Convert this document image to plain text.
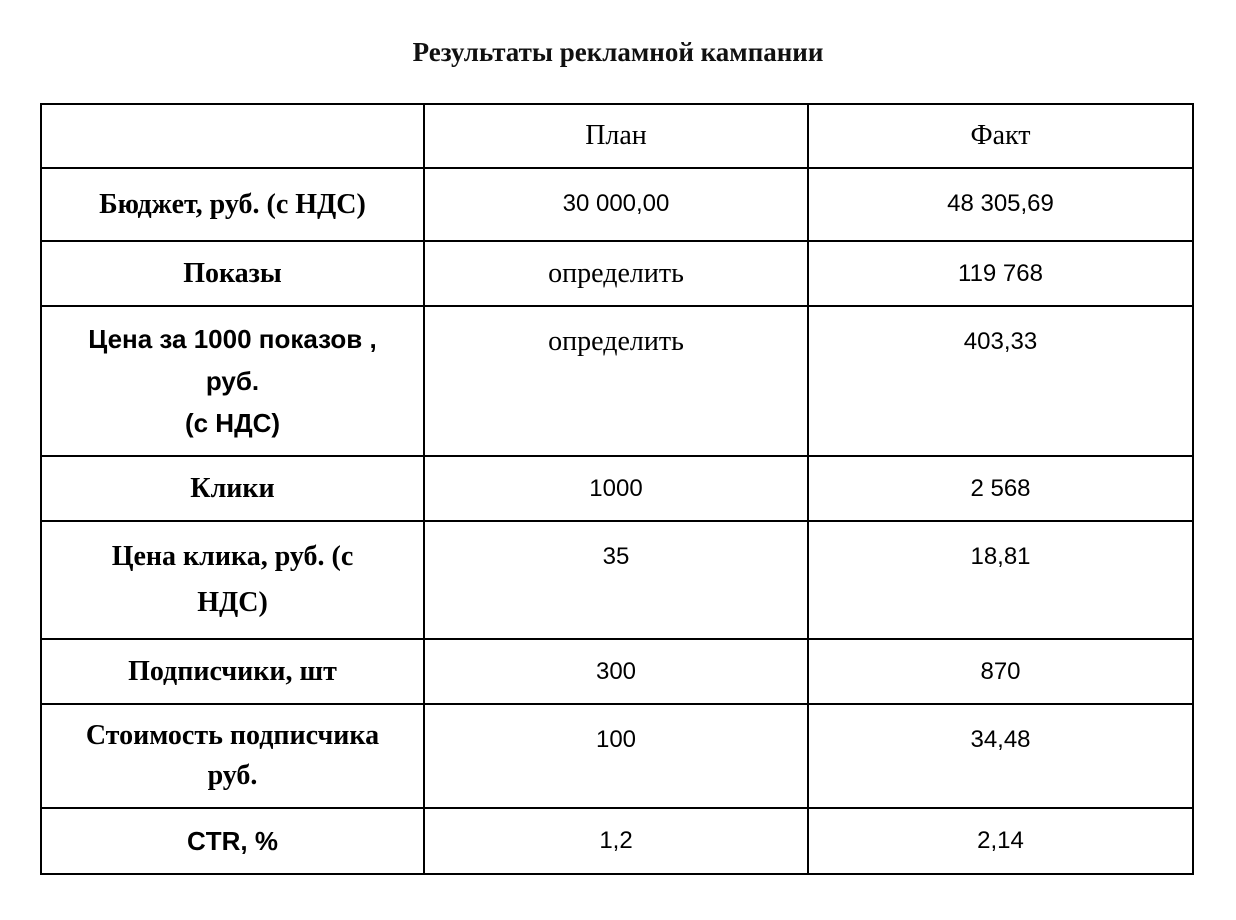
Результаты рекламной кампании
	План	Факт
Бюджет, руб. (с НДС)	30 000,00	48 305,69
Показы	определить	119 768

Цена за 1000 показов ,
руб.
(с НДС)	определить	403,33
Клики	1000	2 568

Цена клика, руб. (с
НДС)	35	18,81
Подписчики, шт	300	870

Стоимость подписчика
руб.	100	34,48
CTR, %	1,2	2,14
